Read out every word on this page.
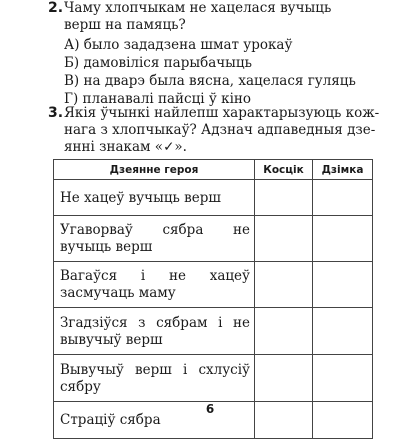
2. Чаму хлопчыкам не хацелася вучыць верш на памяць?
А) было зададзена шмат урокаў
Б) дамовіліся парыбачыць
В) на дварэ была вясна, хацелася гуляць
Г) планавалі пайсці ў кіно
3. Якія ўчынкі найлепш характарызуюць кож-
нага з хлопчыкаў? Адзнач адпаведныя дзе-
янні знакам «✓».
Дзеянне героя	Косцік	Дзімка
Не хацеў вучыць верш		
Угаворваў сябра не вучыць верш		
Вагаўся і не хацеў засмучаць маму		
Згадзіўся з сябрам і не вывучыў верш		
Вывучыў верш і схлусіў сябру		
Страціў сябра		
6
